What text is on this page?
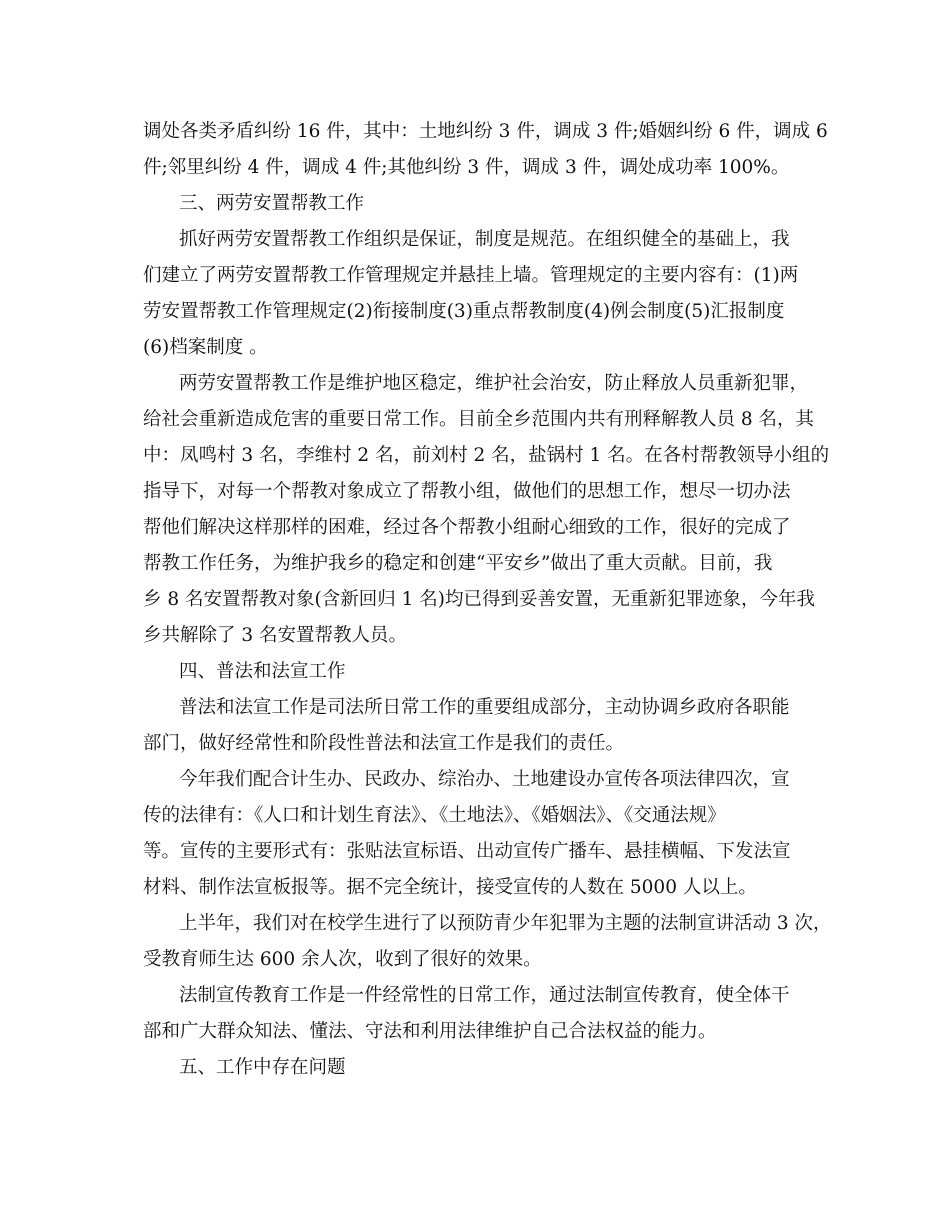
调处各类矛盾纠纷 16 件，其中：土地纠纷 3 件，调成 3 件;婚姻纠纷 6 件，调成 6
件;邻里纠纷 4 件，调成 4 件;其他纠纷 3 件，调成 3 件，调处成功率 100%。
三、两劳安置帮教工作
抓好两劳安置帮教工作组织是保证，制度是规范。在组织健全的基础上，我
们建立了两劳安置帮教工作管理规定并悬挂上墙。管理规定的主要内容有：(1)两
劳安置帮教工作管理规定(2)衔接制度(3)重点帮教制度(4)例会制度(5)汇报制度
(6)档案制度 。
两劳安置帮教工作是维护地区稳定，维护社会治安，防止释放人员重新犯罪，
给社会重新造成危害的重要日常工作。目前全乡范围内共有刑释解教人员 8 名，其
中：凤鸣村 3 名，李维村 2 名，前刘村 2 名，盐锅村 1 名。在各村帮教领导小组的
指导下，对每一个帮教对象成立了帮教小组，做他们的思想工作，想尽一切办法
帮他们解决这样那样的困难，经过各个帮教小组耐心细致的工作，很好的完成了
帮教工作任务，为维护我乡的稳定和创建“平安乡”做出了重大贡献。目前，我
乡 8 名安置帮教对象(含新回归 1 名)均已得到妥善安置，无重新犯罪迹象，今年我
乡共解除了 3 名安置帮教人员。
四、普法和法宣工作
普法和法宣工作是司法所日常工作的重要组成部分，主动协调乡政府各职能
部门，做好经常性和阶段性普法和法宣工作是我们的责任。
今年我们配合计生办、民政办、综治办、土地建设办宣传各项法律四次，宣
传的法律有：《人口和计划生育法》、《土地法》、《婚姻法》、《交通法规》
等。宣传的主要形式有：张贴法宣标语、出动宣传广播车、悬挂横幅、下发法宣
材料、制作法宣板报等。据不完全统计，接受宣传的人数在 5000 人以上。
上半年，我们对在校学生进行了以预防青少年犯罪为主题的法制宣讲活动 3 次，
受教育师生达 600 余人次，收到了很好的效果。
法制宣传教育工作是一件经常性的日常工作，通过法制宣传教育，使全体干
部和广大群众知法、懂法、守法和利用法律维护自己合法权益的能力。
五、工作中存在问题
